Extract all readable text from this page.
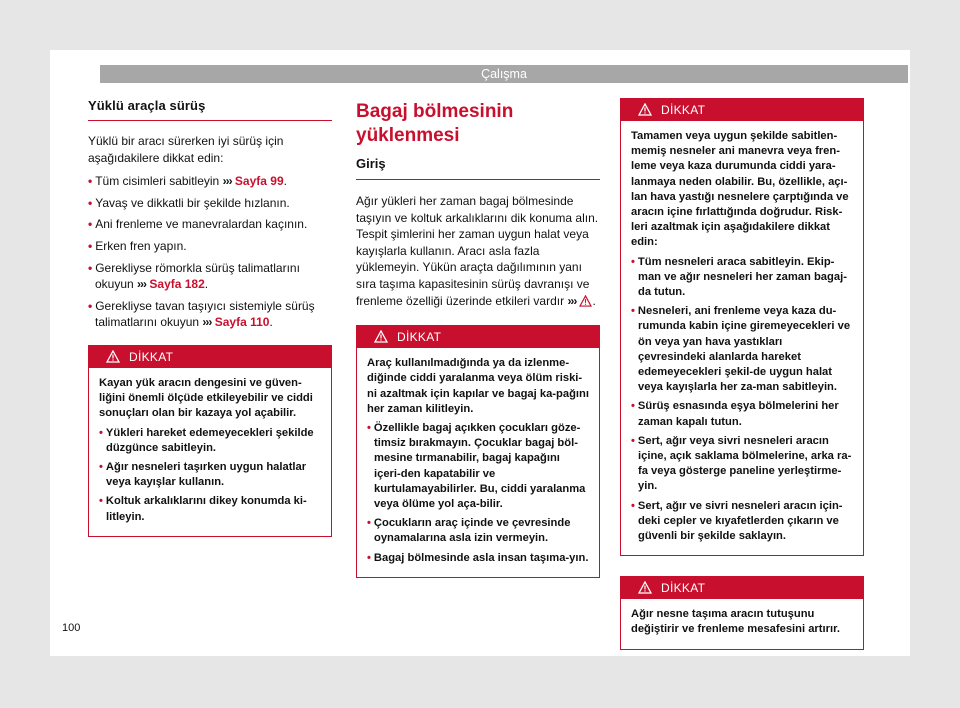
Çalışma
Yüklü araçla sürüş

Yüklü bir aracı sürerken iyi sürüş için aşağıdakilere dikkat edin:

• Tüm cisimleri sabitleyin ››› Sayfa 99.
• Yavaş ve dikkatli bir şekilde hızlanın.
• Ani frenleme ve manevralardan kaçının.
• Erken fren yapın.
• Gerekliyse römorkla sürüş talimatlarını okuyun ››› Sayfa 182.
• Gerekliyse tavan taşıyıcı sistemiyle sürüş talimatlarını okuyun ››› Sayfa 110.
DİKKAT

Kayan yük aracın dengesini ve güven-liğini önemli ölçüde etkileyebilir ve ciddi sonuçları olan bir kazaya yol açabilir.

• Yükleri hareket edemeyecekleri şekilde düzgünce sabitleyin.
• Ağır nesneleri taşırken uygun halatlar veya kayışlar kullanın.
• Koltuk arkalıklarını dikey konumda ki-litleyin.
Bagaj bölmesinin
yüklenmesi
Giriş

Ağır yükleri her zaman bagaj bölmesinde taşıyın ve koltuk arkalıklarını dik konuma alın. Tespit şimlerini her zaman uygun halat veya kayışlarla kullanın. Aracı asla fazla yüklemeyin. Yükün araçta dağılımının yanı sıra taşıma kapasitesinin sürüş davranışı ve frenleme özelliği üzerinde etkileri vardır ››› .

DİKKAT

Araç kullanılmadığında ya da izlenme-diğinde ciddi yaralanma veya ölüm riski-ni azaltmak için kapılar ve bagaj ka-pağını her zaman kilitleyin.

• Özellikle bagaj açıkken çocukları göze-timsiz bırakmayın. Çocuklar bagaj böl-mesine tırmanabilir, bagaj kapağını içeri-den kapatabilir ve kurtulamayabilirler. Bu, ciddi yaralanma veya ölüme yol aça-bilir.
• Çocukların araç içinde ve çevresinde oynamalarına asla izin vermeyin.
• Bagaj bölmesinde asla insan taşıma-yın.
DİKKAT

Tamamen veya uygun şekilde sabitlen-memiş nesneler ani manevra veya fren-leme veya kaza durumunda ciddi yara-lanmaya neden olabilir. Bu, özellikle, açı-lan hava yastığı nesnelere çarptığında ve aracın içine fırlattığında doğrudur. Risk-leri azaltmak için aşağıdakilere dikkat edin:

• Tüm nesneleri araca sabitleyin. Ekip-man ve ağır nesneleri her zaman bagaj-da tutun.
• Nesneleri, ani frenleme veya kaza du-rumunda kabin içine giremeyecekleri ve ön veya yan hava yastıkları çevresindeki alanlarda hareket edemeyecekleri şekil-de uygun halat veya kayışlarla her za-man sabitleyin.
• Sürüş esnasında eşya bölmelerini her zaman kapalı tutun.
• Sert, ağır veya sivri nesneleri aracın içine, açık saklama bölmelerine, arka ra-fa veya gösterge paneline yerleştirme-yin.
• Sert, ağır ve sivri nesneleri aracın için-deki cepler ve kıyafetlerden çıkarın ve güvenli bir şekilde saklayın.
DİKKAT

Ağır nesne taşıma aracın tutuşunu değiştirir ve frenleme mesafesini artırır.

100
